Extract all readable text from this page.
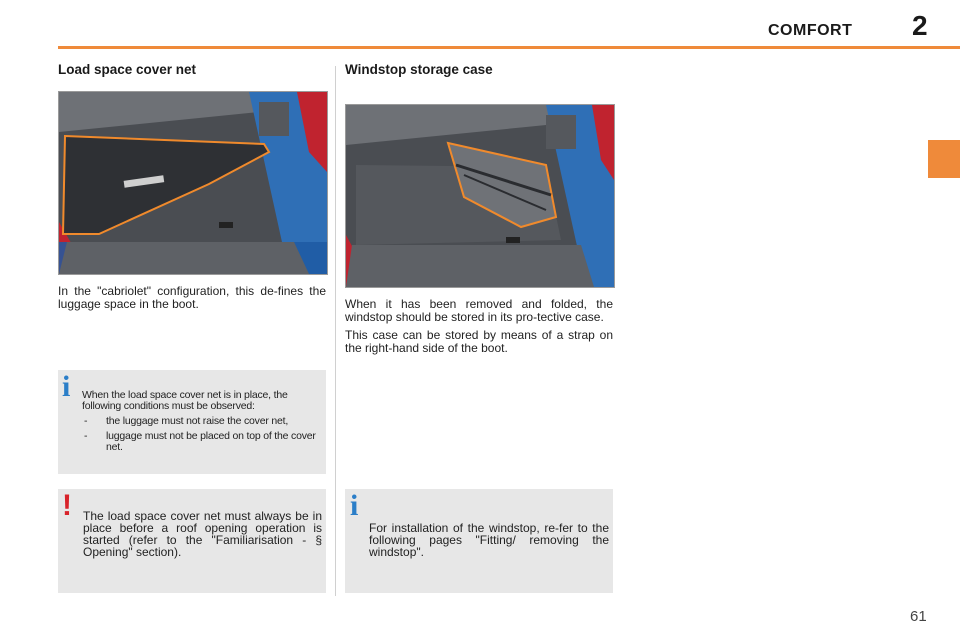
COMFORT 2
Load space cover net

In the "cabriolet" configuration, this de-fines the luggage space in the boot.

i When the load space cover net is in place, the following conditions must be observed:
- the luggage must not raise the cover net,
- luggage must not be placed on top of the cover net.
! The load space cover net must always be in place before a roof opening operation is started (refer to the "Familiarisation - § Opening" section).
Windstop storage case

When it has been removed and folded, the windstop should be stored in its pro-tective case.

This case can be stored by means of a strap on the right-hand side of the boot.

i
For installation of the windstop, re-fer to the following pages "Fitting/ removing the windstop".
61
